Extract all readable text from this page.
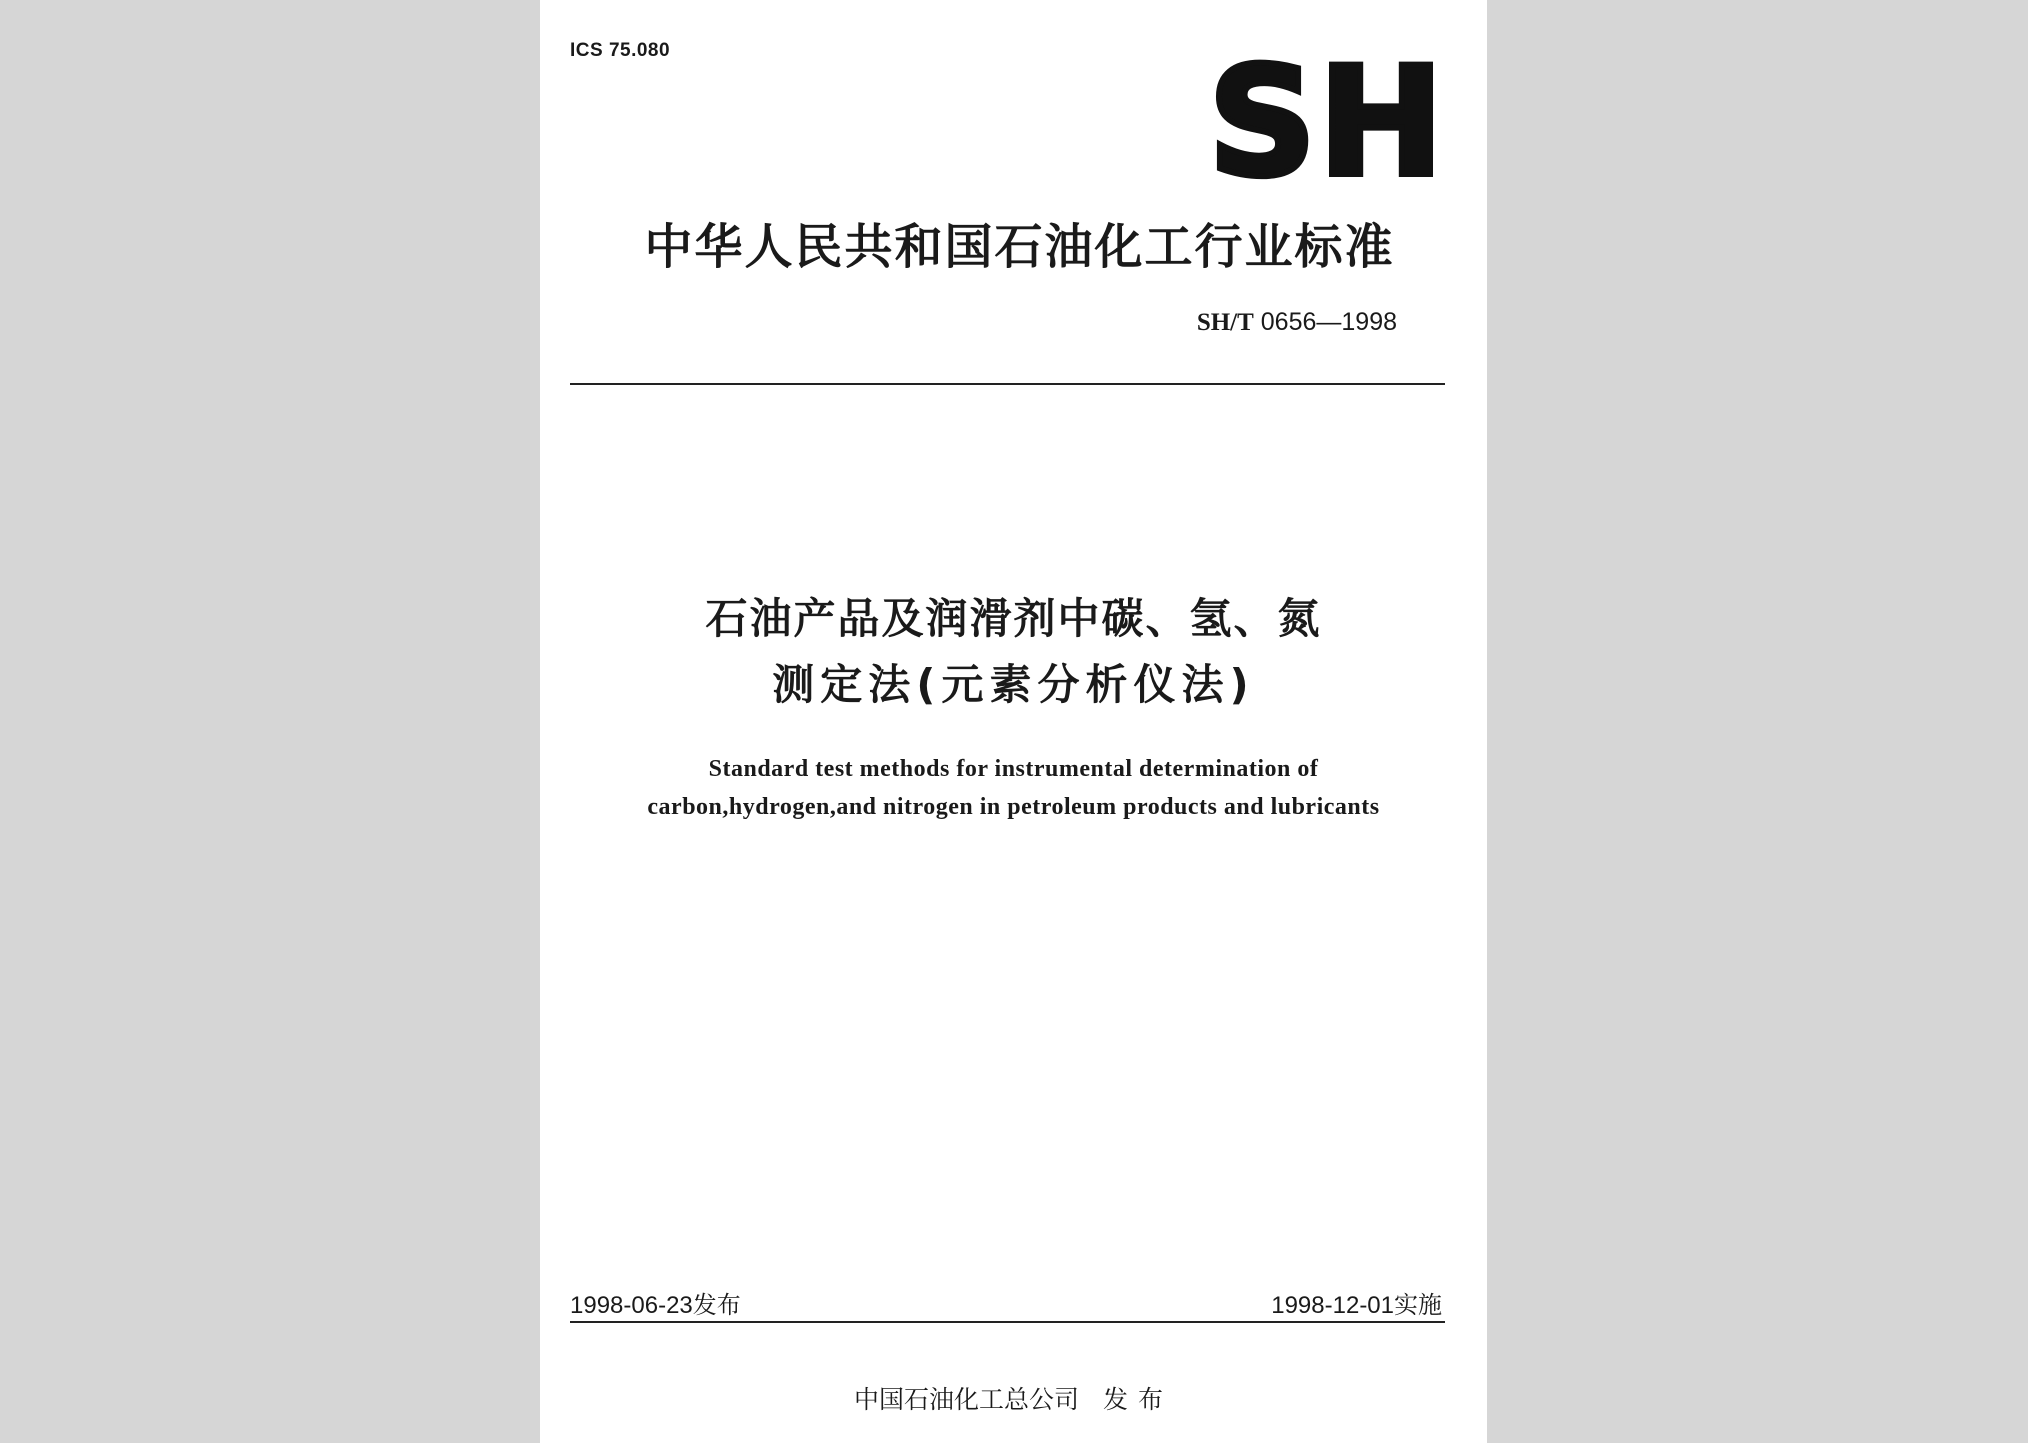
ICS 75.080	SH
中华人民共和国石油化工行业标准
SH/T 0656—1998
石油产品及润滑剂中碳、氢、氮
测定法(元素分析仪法)
Standard test methods for instrumental determination of
carbon,hydrogen,and nitrogen in petroleum products and lubricants
1998-06-23发布	1998-12-01实施
中国石油化工总公司 发布
